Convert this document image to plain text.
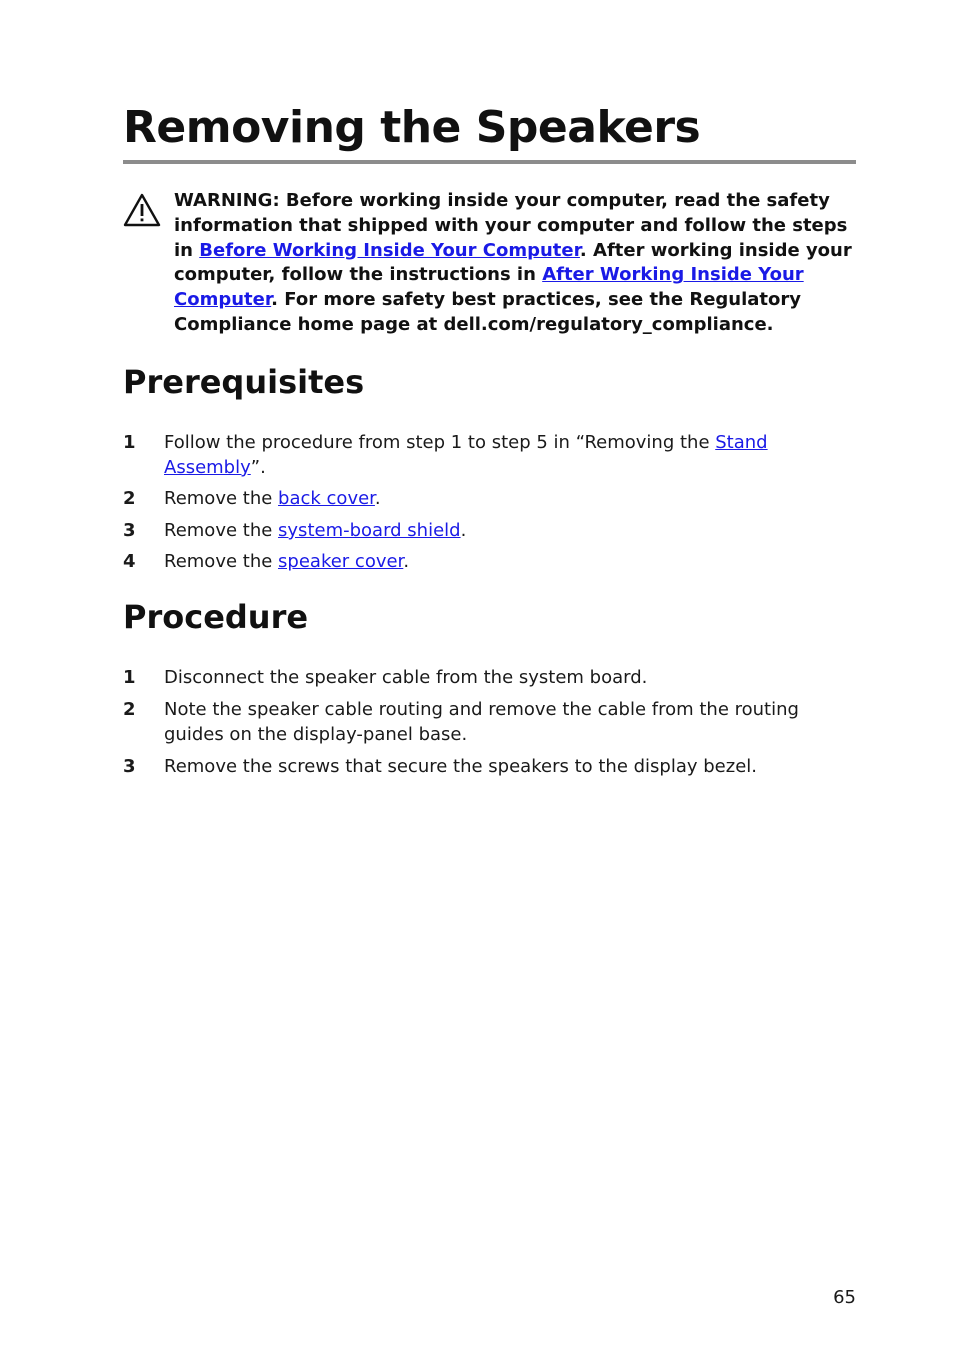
Removing the Speakers
WARNING: Before working inside your computer, read the safety information that shipped with your computer and follow the steps in Before Working Inside Your Computer. After working inside your computer, follow the instructions in After Working Inside Your Computer. For more safety best practices, see the Regulatory Compliance home page at dell.com/regulatory_compliance.
Prerequisites
1 Follow the procedure from step 1 to step 5 in “Removing the Stand Assembly”.
2 Remove the back cover.
3 Remove the system-board shield.
4 Remove the speaker cover.
Procedure
1 Disconnect the speaker cable from the system board.
2 Note the speaker cable routing and remove the cable from the routing guides on the display-panel base.
3 Remove the screws that secure the speakers to the display bezel.
65
